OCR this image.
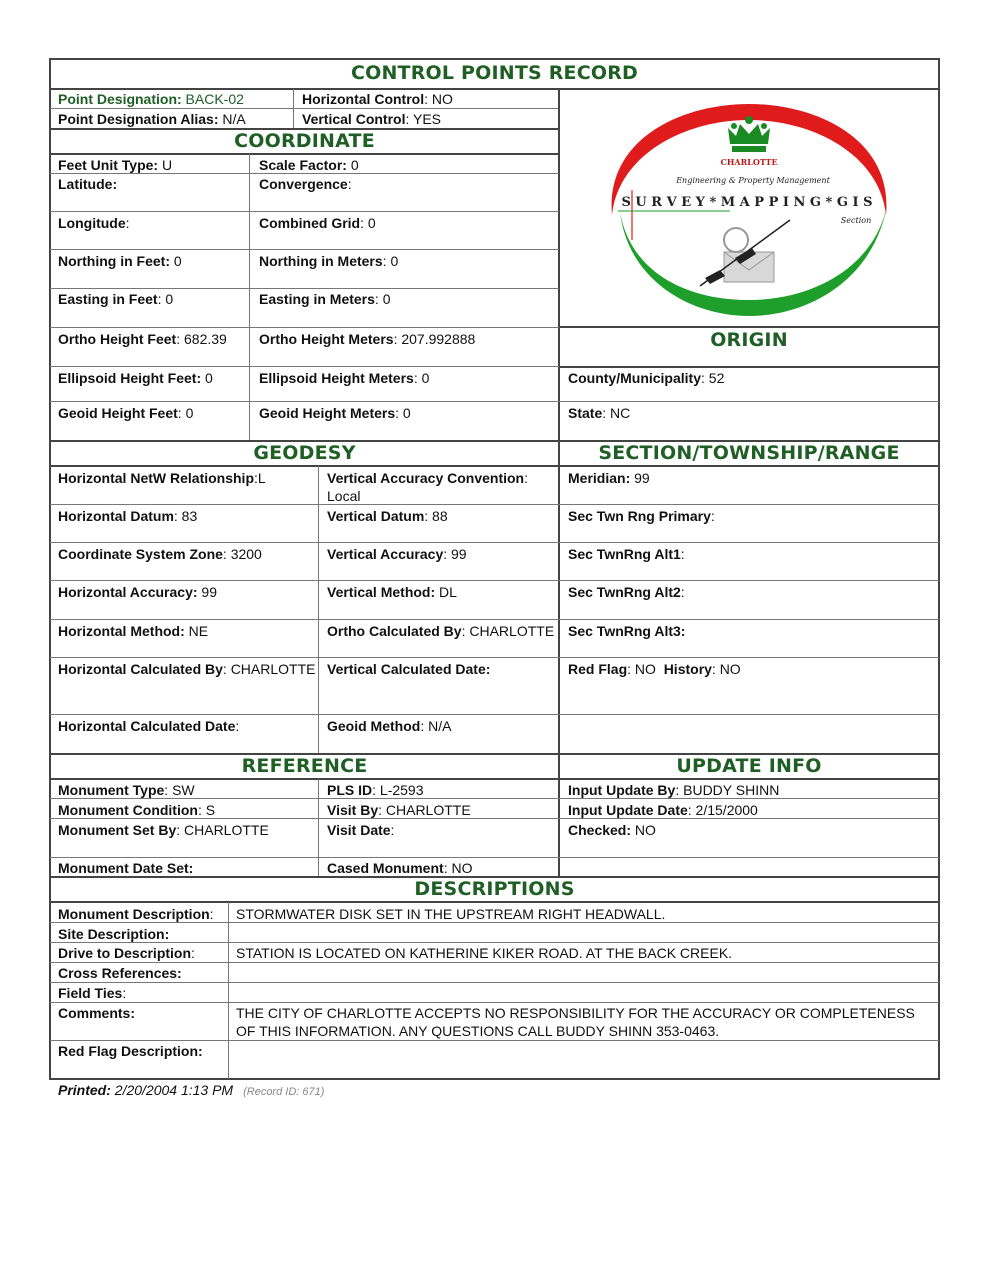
CONTROL POINTS RECORD
Point Designation: BACK-02	Horizontal Control: NO
Point Designation Alias: N/A	Vertical Control: YES
COORDINATE
Feet Unit Type: U	Scale Factor: 0
Latitude:	Convergence:
Longitude:	Combined Grid: 0
Northing in Feet: 0	Northing in Meters: 0
Easting in Feet: 0	Easting in Meters: 0
Ortho Height Feet: 682.39 Ortho Height Meters: 207.992888
Ellipsoid Height Feet: 0	Ellipsoid Height Meters: 0
Geoid Height Feet: 0	Geoid Height Meters: 0
CHARLOTTE
Engineering & Property Management
S U R V E Y * M A P P I N G * G I S
Section
ORIGIN
County/Municipality: 52
State: NC
GEODESY	SECTION/TOWNSHIP/RANGE
Horizontal NetW Relationship:L	Vertical Accuracy Convention:
Local
Horizontal Datum: 83	Vertical Datum: 88
Coordinate System Zone: 3200	Vertical Accuracy: 99
Horizontal Accuracy: 99	Vertical Method: DL
Horizontal Method: NE	Ortho Calculated By: CHARLOTTE
Horizontal Calculated By: CHARLOTTE Vertical Calculated Date:
Horizontal Calculated Date:	Geoid Method: N/A
Meridian: 99
Sec Twn Rng Primary:
Sec TwnRng Alt1:
Sec TwnRng Alt2:
Sec TwnRng Alt3:
Red Flag: NO History: NO
REFERENCE	UPDATE INFO
Monument Type: SW	PLS ID: L-2593
Monument Condition: S	Visit By: CHARLOTTE
Monument Set By: CHARLOTTE	Visit Date:
Monument Date Set:	Cased Monument: NO
Input Update By: BUDDY SHINN
Input Update Date: 2/15/2000
Checked: NO
DESCRIPTIONS
Monument Description: STORMWATER DISK SET IN THE UPSTREAM RIGHT HEADWALL.
Site Description:
Drive to Description:	STATION IS LOCATED ON KATHERINE KIKER ROAD. AT THE BACK CREEK.
Cross References:
Field Ties:
Comments:	THE CITY OF CHARLOTTE ACCEPTS NO RESPONSIBILITY FOR THE ACCURACY OR COMPLETENESS OF THIS INFORMATION. ANY QUESTIONS CALL BUDDY SHINN 353-0463.
Red Flag Description:
Printed: 2/20/2004 1:13 PM (Record ID: 671)
